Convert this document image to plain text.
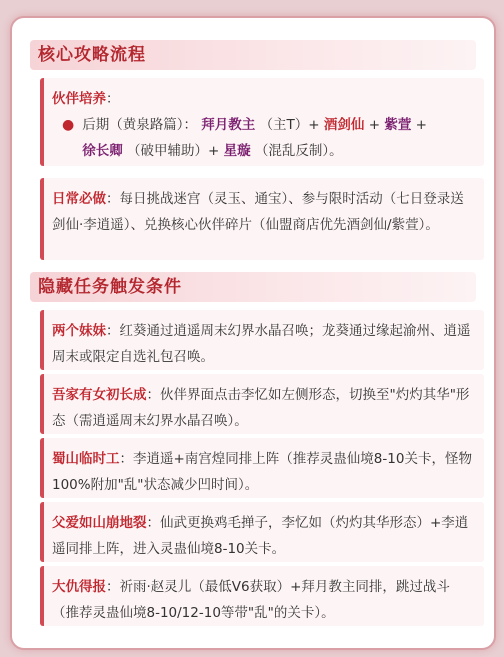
核心攻略流程
伙伴培养：
● 后期（黄泉路篇）： 拜月教主 （主T）+ 酒剑仙 + 紫萱 +
徐长卿 （破甲辅助）+ 星璇 （混乱反制）。
日常必做：每日挑战迷宫（灵玉、通宝）、参与限时活动（七日登录送剑仙·李逍遥）、兑换核心伙伴碎片（仙盟商店优先酒剑仙/紫萱）。
隐藏任务触发条件
两个妹妹：红葵通过逍遥周末幻界水晶召唤；龙葵通过缘起渝州、逍遥周末或限定自选礼包召唤。
吾家有女初长成：伙伴界面点击李忆如左侧形态，切换至"灼灼其华"形态（需逍遥周末幻界水晶召唤）。
蜀山临时工：李逍遥+南宫煌同排上阵（推荐灵蛊仙境8-10关卡，怪物100%附加"乱"状态减少凹时间）。
父爱如山崩地裂：仙武更换鸡毛掸子，李忆如（灼灼其华形态）+李逍遥同排上阵，进入灵蛊仙境8-10关卡。
大仇得报：祈雨·赵灵儿（最低V6获取）+拜月教主同排，跳过战斗（推荐灵蛊仙境8-10/12-10等带"乱"的关卡）。
